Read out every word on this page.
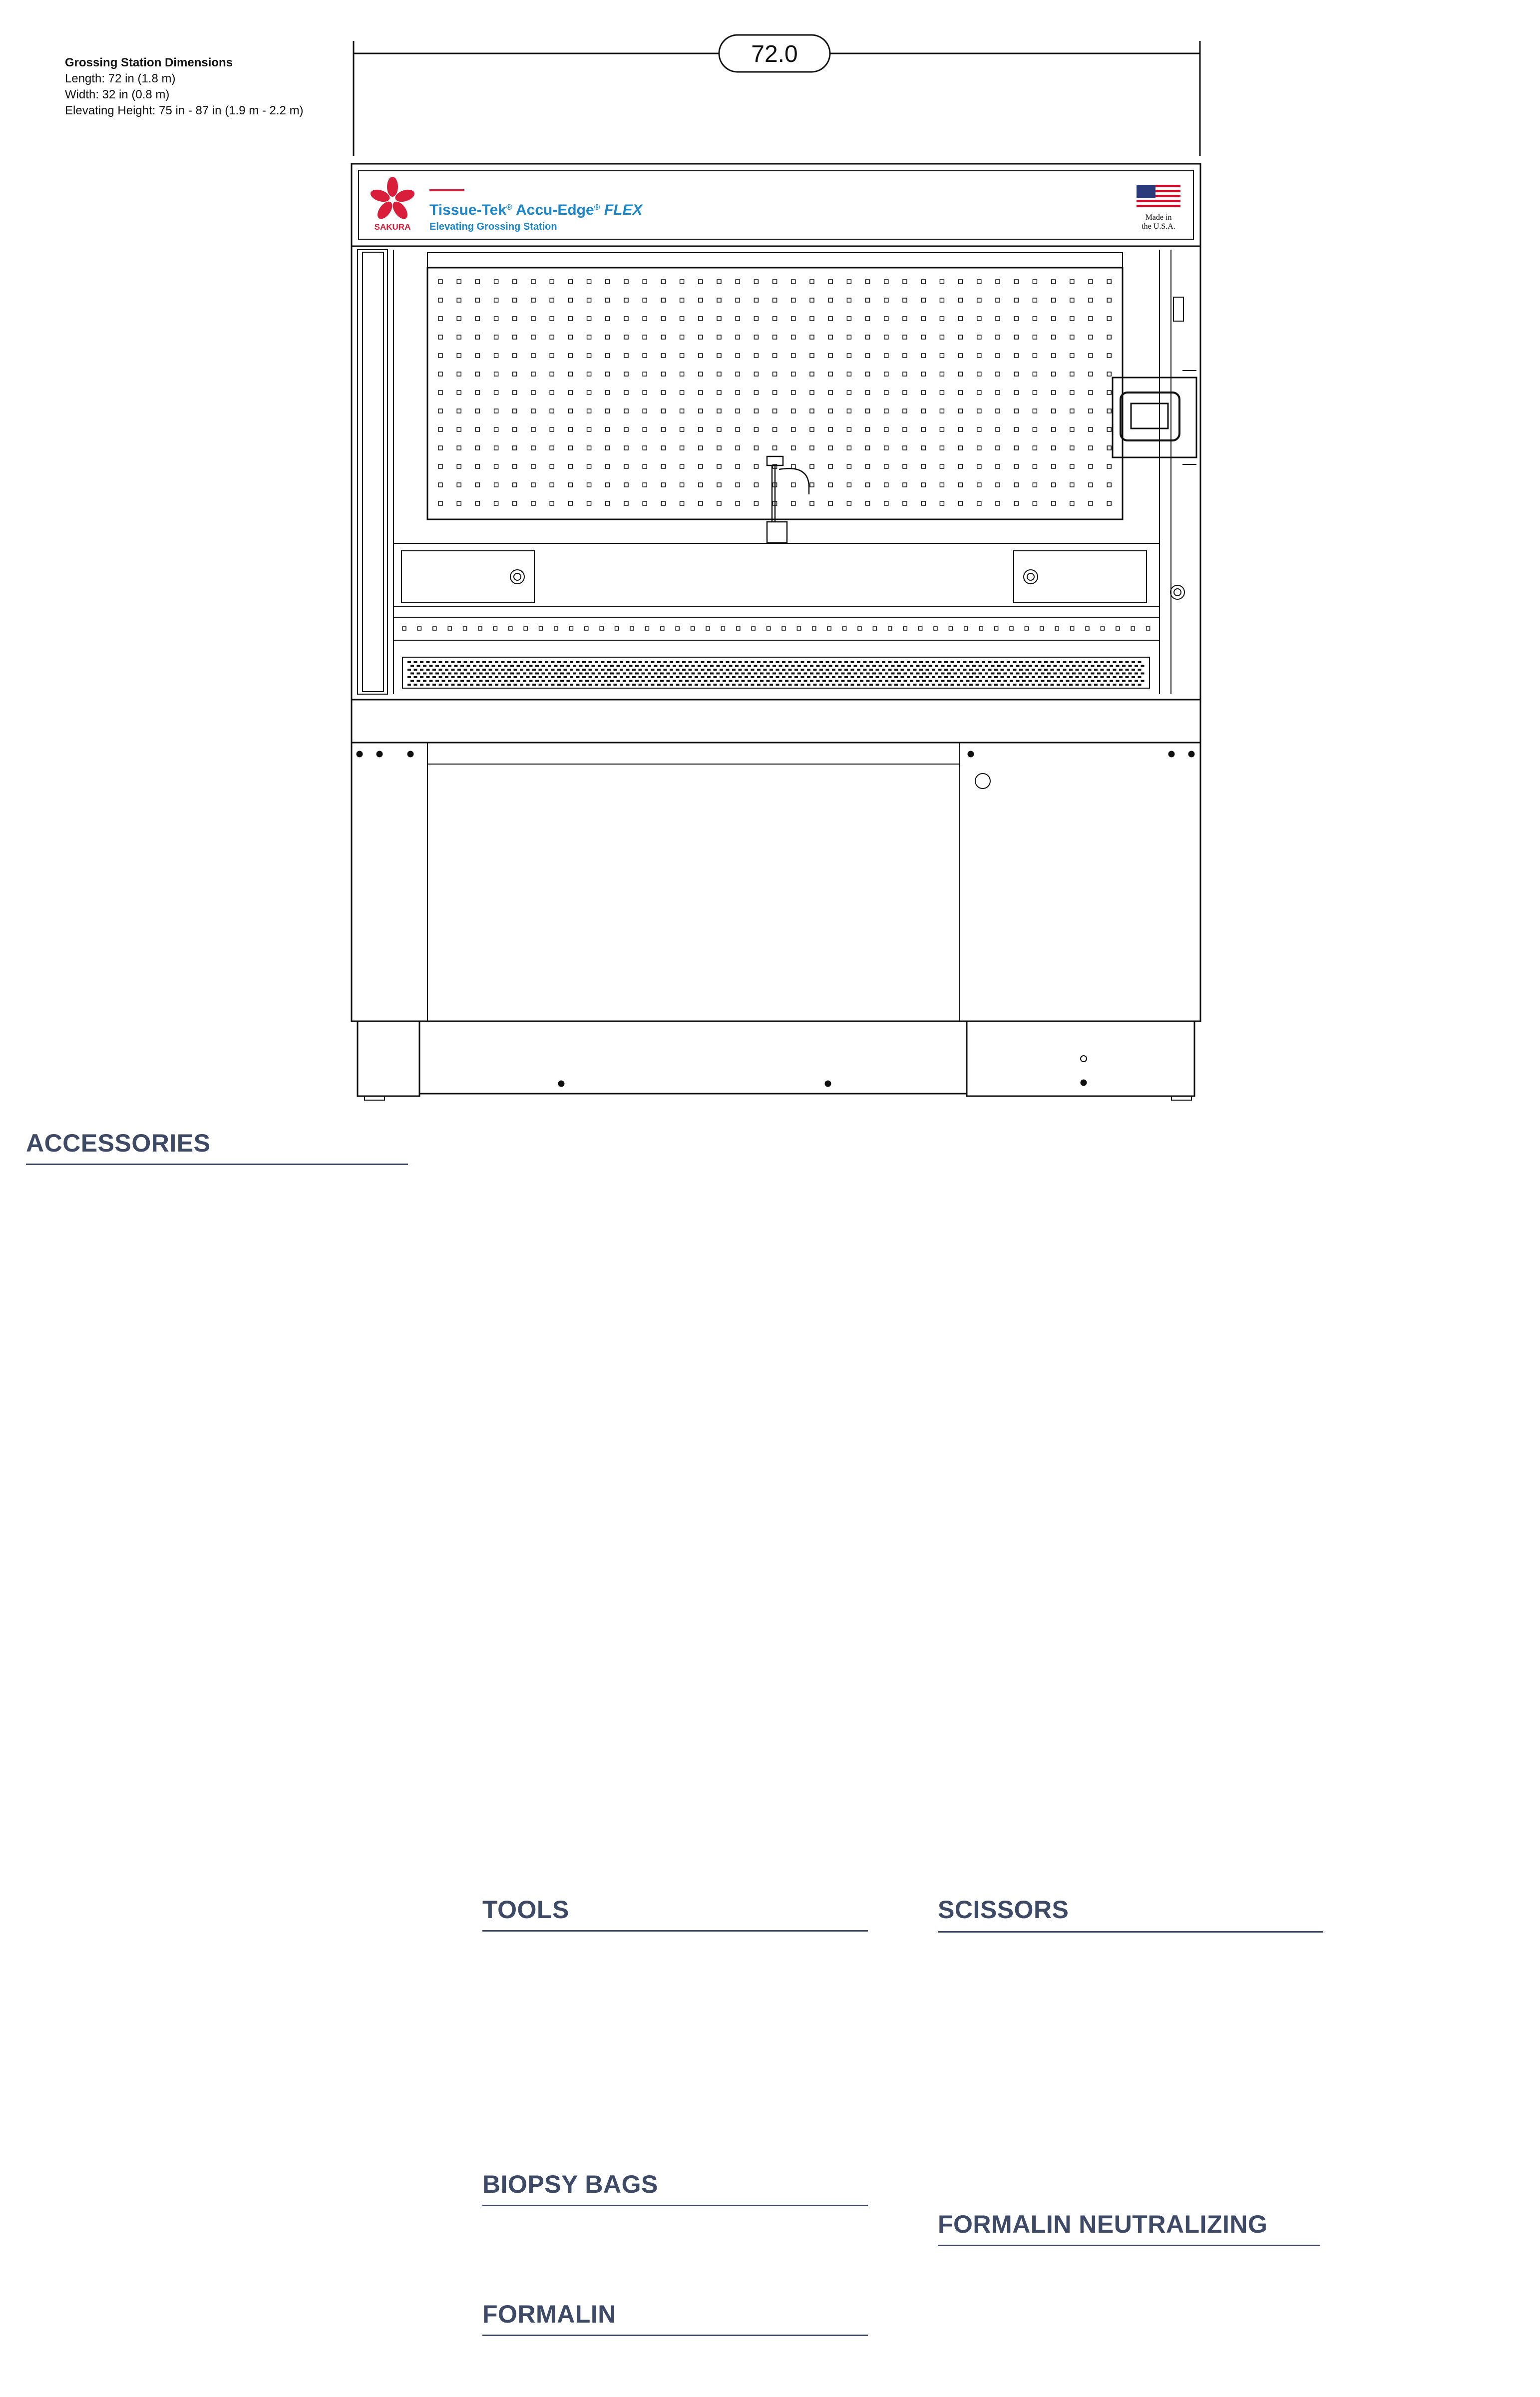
Grossing Station Dimensions
Length: 72 in (1.8 m)
Width: 32 in (0.8 m)
Elevating Height: 75 in - 87 in (1.9 m - 2.2 m)
72.0
SAKURA
Tissue-Tek® Accu-Edge® FLEX
Elevating Grossing Station
Made in
the U.S.A.
ACCESSORIES
TOOLS	SCISSORS
BIOPSY BAGS
FORMALIN NEUTRALIZING
FORMALIN
